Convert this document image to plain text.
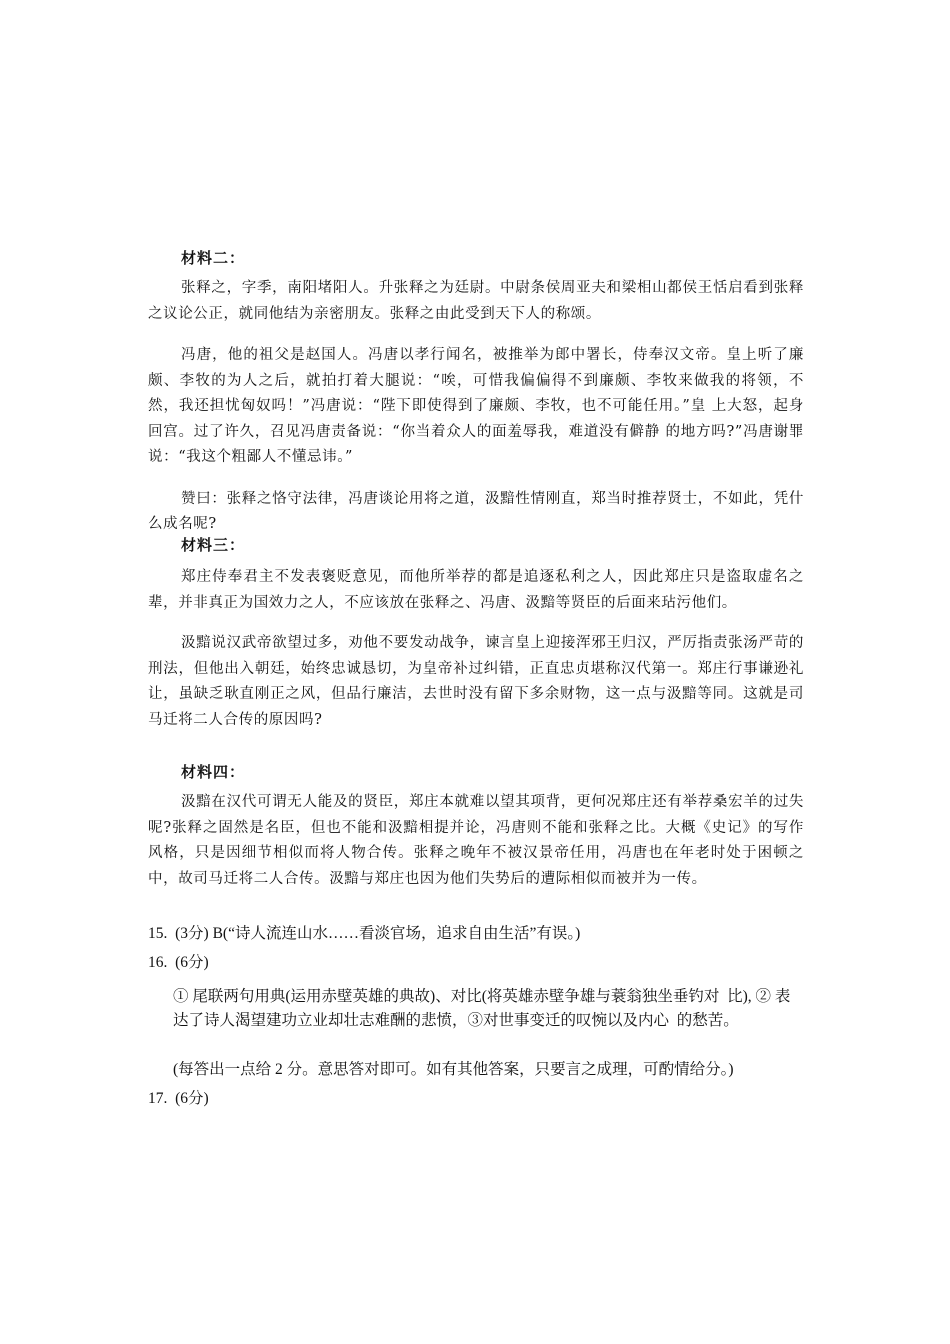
材料二：

张释之，字季，南阳堵阳人。升张释之为廷尉。中尉条侯周亚夫和梁相山都侯王恬启看到张释之议论公正，就同他结为亲密朋友。张释之由此受到天下人的称颂。

冯唐，他的祖父是赵国人。冯唐以孝行闻名，被推举为郎中署长，侍奉汉文帝。皇上听了廉颇、李牧的为人之后，就拍打着大腿说：“唉，可惜我偏偏得不到廉颇、李牧来做我的将领，不然，我还担忧匈奴吗！”冯唐说：“陛下即使得到了廉颇、李牧，也不可能任用。”皇 上大怒，起身回宫。过了许久，召见冯唐责备说：“你当着众人的面羞辱我，难道没有僻静 的地方吗?”冯唐谢罪说：“我这个粗鄙人不懂忌讳。”

赞曰：张释之恪守法律，冯唐谈论用将之道，汲黯性情刚直，郑当时推荐贤士，不如此，凭什么成名呢?

材料三：

郑庄侍奉君主不发表褒贬意见，而他所举荐的都是追逐私利之人，因此郑庄只是盗取虚名之辈，并非真正为国效力之人，不应该放在张释之、冯唐、汲黯等贤臣的后面来玷污他们。

汲黯说汉武帝欲望过多，劝他不要发动战争，谏言皇上迎接浑邪王归汉，严厉指责张汤严苛的刑法，但他出入朝廷，始终忠诚恳切，为皇帝补过纠错，正直忠贞堪称汉代第一。郑庄行事谦逊礼让，虽缺乏耿直刚正之风，但品行廉洁，去世时没有留下多余财物，这一点与汲黯等同。这就是司马迁将二人合传的原因吗?

材料四：

汲黯在汉代可谓无人能及的贤臣，郑庄本就难以望其项背，更何况郑庄还有举荐桑宏羊的过失呢?张释之固然是名臣，但也不能和汲黯相提并论，冯唐则不能和张释之比。大概《史记》的写作风格，只是因细节相似而将人物合传。张释之晚年不被汉景帝任用，冯唐也在年老时处于困顿之中，故司马迁将二人合传。汲黯与郑庄也因为他们失势后的遭际相似而被并为一传。

15.  (3分) B(“诗人流连山水……看淡官场，追求自由生活”有误。)

16.  (6分)

① 尾联两句用典(运用赤壁英雄的典故)、对比(将英雄赤壁争雄与蓑翁独坐垂钓对  比), ② 表达了诗人渴望建功立业却壮志难酬的悲愤，③对世事变迁的叹惋以及内心  的愁苦。

(每答出一点给 2 分。意思答对即可。如有其他答案，只要言之成理，可酌情给分。)

17.  (6分)
